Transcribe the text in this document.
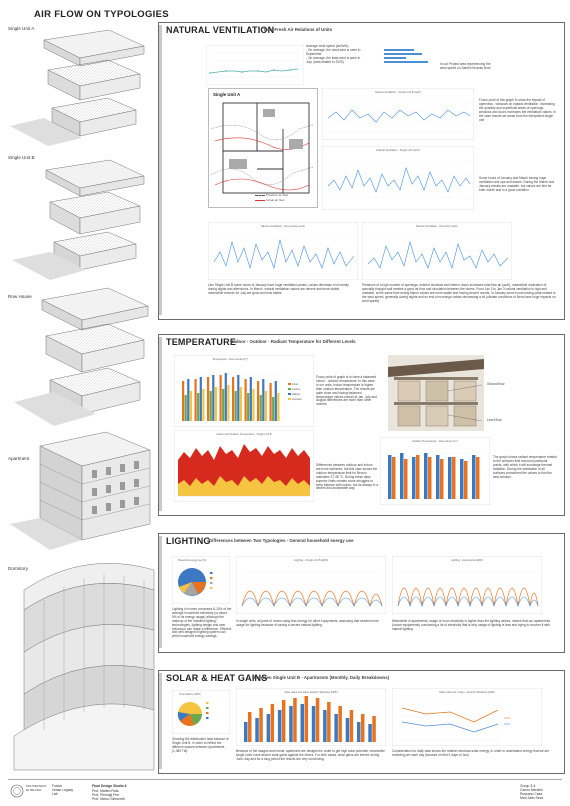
AIR FLOW ON TYPOLOGIES
Single Unit A
Single Unit B
Row House
Apartment
Dormitory
NATURAL VENTILATION
Total Fresh Air Relations of Units
Average wind speed (km/h/hr)
- On average, the most wind is seen in September.
- On average, the least wind is seen in July. (data related to 2020)
In our Project area experiencing the wind speed on Santho Khasse level
Single Unit A
Pressure air flow
Actual air flow
Natural Ventilation - Single Unit B (ac/h)
Focus point of this graph to show the impact of openness - windows on natural ventilation. Increasing the quantity and superficial areas of openings, windows and doors increases the ventilation values. In the case results we areas from the interpreted single unit
Natural Ventilation - Single Unit (ac/h)
Some hours of January and March having huge ventilation airs ups and downs. During the March and January results are unstable, but values are fine for both month and in a good condition.
Natural Ventilation - Row House (ac/h)	Natural Ventilation - Dormitory (ac/h)
Like Single Unit B some hours of January have huge ventilation peaks, values decrease a lot mostly during nights and afternoons. In March, natural ventilation values are decent and more stable, meanwhile records for July are good and less stable.
Presence of a high number of openings, exterior windows and interior doors increases total flow air (ac/h), meanwhile replication of specially thought wall creates a good air flow and circulation between the dorms. From Jan 1 to Jan 3 natural ventilation is high and unstable, at the same time during March values are more stable and having decent results. In January some hours having peak related to the wind speed, generally during nights and on end of mornings values decreasing a lot (climate conditions of Bera have huge impacts on wind speed).
TEMPERATURE
Indoor - Outdoor - Radiant Temperature for Different Levels
Temperature - Row House [C°]
Indoor
Outdoor
Radiant
Operative
Focus point of graph is to have a balanced indoor - outdoor temperature. In this case, in our units, indoor temperature is higher than outdoor temperature. The results are quite close and having balanced temperature values overall at Jan, July and August differences are more than other months.
Indoor and Outdoor Temperature - Single Unit B
Differences between outdoor and indoor are more bothered, but this case shows the outdoor temperature limit for Bera is maintains 37-38 °C. During these days superior limits creates some struggles to keep balance with indoor, but its always in a decent and acceptable way.
Ground floor
Level floor
Radiant Temperature - Row House [C°]
The graph shows radiant temperature related to the surfaces that surround particular points, with which it will exchange thermal radiation. During the realization of all surfaces considered the values to find the best solution.
LIGHTING
Differences between Two Typologies - General household energy use
Household energy use (%)
Lighting in homes comprises 8-10% of the average household electricity (or about 5% of its energy usage) although the makeup of the installed lighting: technologies, lighting design and user behaviour can make a difference. Efficient and well designed lighting system can yield household energy savings.
Lighting - Single Unit B [kWh]	Lighting - Apartments [kWh]
In single units, all parts of rooms using less energy for other equipments, assuming that needed more usage for lighting because of having a decent natural lighting.
Meanwhile in apartments, usage of room electricity is higher than the lighting values, means that our apartments (house equipments) consuming a lot of electricity that is why usage of lighting is less and trying to recover it with natural lighting.
SOLAR & HEAT GAINS
between Single Unit B - Apartments (Monthly, Daily Breakdowns)
Heat balance (kWh)
Showing the distribution heat balance of Single Unit B, in order to reflect the different spaces between Apartments (1,389 Tkt).
Solar gains and Heat, Exterior Windows (kWh)	Solar Gains for 3 days - Exterior Windows (kWh)
Because of the usages and needs, apartment are designed in order to get high solar potential, meanwhile single units' have decent solar gains against the others. For both cases, solar gains are interior during June-July and for a long period the results are very convincing.
Consideration for daily data shows the relation windows-solar energy, in order to understand energy that we are receiving per each day (focused on first 3 days of Jan).
POLITECNICO
DI MILANO
Fusion
Urban Legacy
Lab
Final Design Studio 6
Prof. Matteo Ruta
Prof. Pierluigi Ferr
Prof. Marco Simonetti
Group 3-4
Cansu Mendes
Rossano Casa
Med Jalin Seva
